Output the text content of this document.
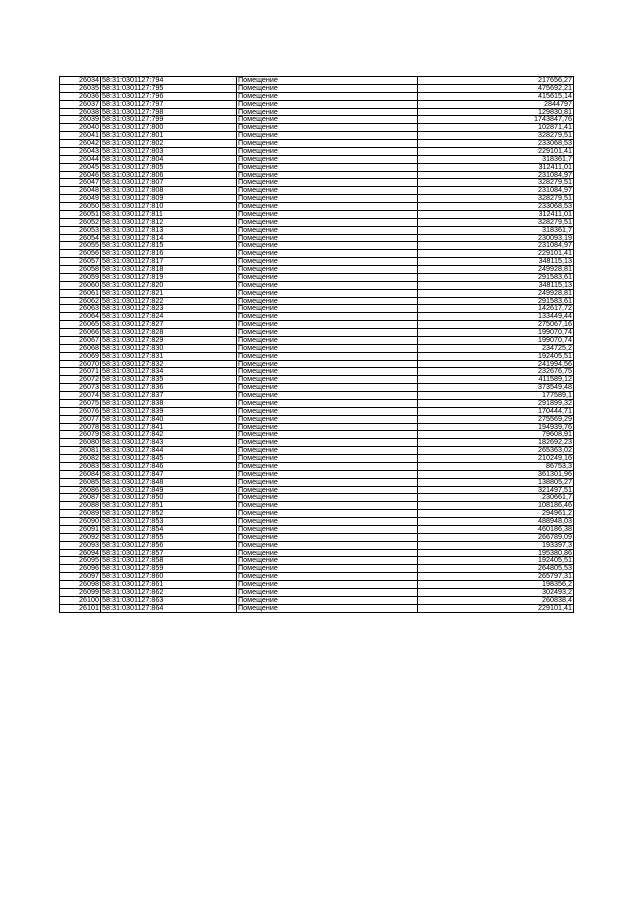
26034	58:31:0301127:794	Помещение	217656,27
26035	58:31:0301127:795	Помещение	475692,21
26036	58:31:0301127:796	Помещение	415615,14
26037	58:31:0301127:797	Помещение	2844797
26038	58:31:0301127:798	Помещение	129830,81
26039	58:31:0301127:799	Помещение	1743847,76
26040	58:31:0301127:800	Помещение	102871,41
26041	58:31:0301127:801	Помещение	328279,51
26042	58:31:0301127:802	Помещение	233068,53
26043	58:31:0301127:803	Помещение	229101,41
26044	58:31:0301127:804	Помещение	318361,7
26045	58:31:0301127:805	Помещение	312411,01
26046	58:31:0301127:806	Помещение	231084,97
26047	58:31:0301127:807	Помещение	328279,51
26048	58:31:0301127:808	Помещение	231084,97
26049	58:31:0301127:809	Помещение	328279,51
26050	58:31:0301127:810	Помещение	233068,53
26051	58:31:0301127:811	Помещение	312411,01
26052	58:31:0301127:812	Помещение	328279,51
26053	58:31:0301127:813	Помещение	318361,7
26054	58:31:0301127:814	Помещение	230093,19
26055	58:31:0301127:815	Помещение	231084,97
26056	58:31:0301127:816	Помещение	229101,41
26057	58:31:0301127:817	Помещение	348115,13
26058	58:31:0301127:818	Помещение	249928,81
26059	58:31:0301127:819	Помещение	291583,61
26060	58:31:0301127:820	Помещение	348115,13
26061	58:31:0301127:821	Помещение	249928,81
26062	58:31:0301127:822	Помещение	291583,61
26063	58:31:0301127:823	Помещение	142617,72
26064	58:31:0301127:824	Помещение	133449,44
26065	58:31:0301127:827	Помещение	275067,16
26066	58:31:0301127:828	Помещение	199070,74
26067	58:31:0301127:829	Помещение	199070,74
26068	58:31:0301127:830	Помещение	234725,2
26069	58:31:0301127:831	Помещение	192405,51
26070	58:31:0301127:832	Помещение	241994,56
26071	58:31:0301127:834	Помещение	232676,75
26072	58:31:0301127:835	Помещение	411589,12
26073	58:31:0301127:836	Помещение	373549,48
26074	58:31:0301127:837	Помещение	177589,1
26075	58:31:0301127:838	Помещение	291899,32
26076	58:31:0301127:839	Помещение	170444,71
26077	58:31:0301127:840	Помещение	275569,29
26078	58:31:0301127:841	Помещение	194939,76
26079	58:31:0301127:842	Помещение	79608,91
26080	58:31:0301127:843	Помещение	182692,23
26081	58:31:0301127:844	Помещение	265363,02
26082	58:31:0301127:845	Помещение	210249,16
26083	58:31:0301127:846	Помещение	86753,3
26084	58:31:0301127:847	Помещение	361301,96
26085	58:31:0301127:848	Помещение	138805,27
26086	58:31:0301127:849	Помещение	321497,51
26087	58:31:0301127:850	Помещение	230661,7
26088	58:31:0301127:851	Помещение	108186,46
26089	58:31:0301127:852	Помещение	294961,2
26090	58:31:0301127:853	Помещение	488948,03
26091	58:31:0301127:854	Помещение	460186,38
26092	58:31:0301127:855	Помещение	266789,09
26093	58:31:0301127:856	Помещение	193397,3
26094	58:31:0301127:857	Помещение	195380,86
26095	58:31:0301127:858	Помещение	192405,51
26096	58:31:0301127:859	Помещение	264805,53
26097	58:31:0301127:860	Помещение	265797,31
26098	58:31:0301127:861	Помещение	198356,2
26099	58:31:0301127:862	Помещение	302493,2
26100	58:31:0301127:863	Помещение	260838,4
26101	58:31:0301127:864	Помещение	229101,41
